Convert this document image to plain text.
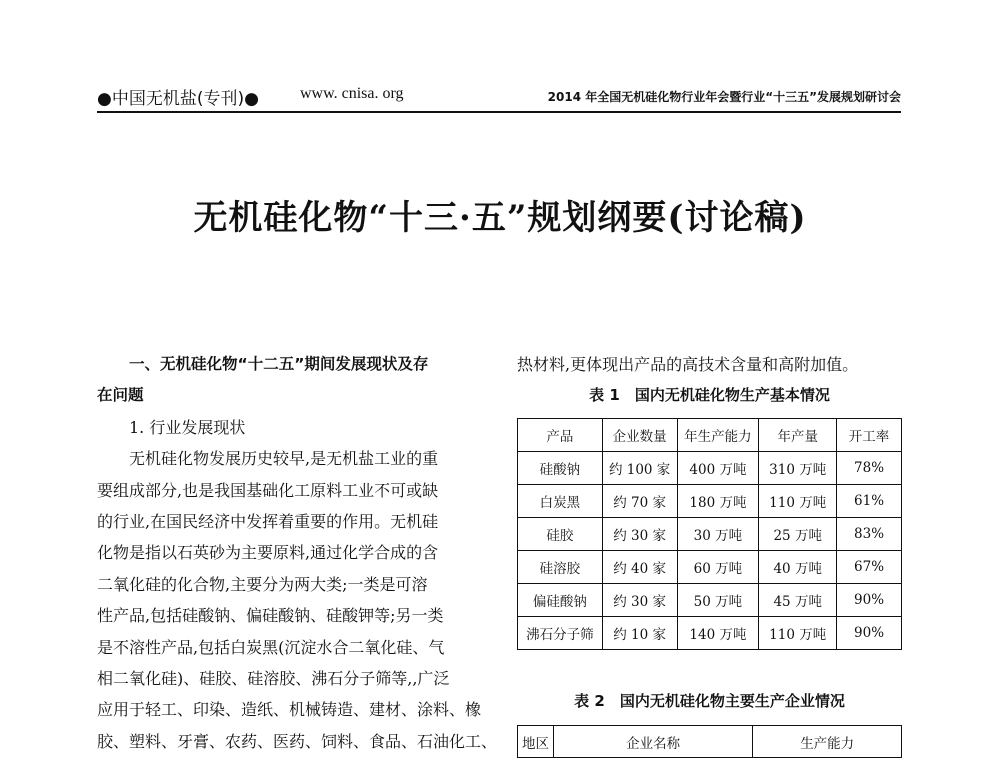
●中国无机盐(专刊)●	www. cnisa. org	2014 年全国无机硅化物行业年会暨行业“十三五”发展规划研讨会
无机硅化物“十三·五”规划纲要(讨论稿)

一、无机硅化物“十二五”期间发展现状及存

在问题

1. 行业发展现状

无机硅化物发展历史较早,是无机盐工业的重

要组成部分,也是我国基础化工原料工业不可或缺

的行业,在国民经济中发挥着重要的作用。无机硅

化物是指以石英砂为主要原料,通过化学合成的含

二氧化硅的化合物,主要分为两大类;一类是可溶

性产品,包括硅酸钠、偏硅酸钠、硅酸钾等;另一类

是不溶性产品,包括白炭黑(沉淀水合二氧化硅、气

相二氧化硅)、硅胶、硅溶胶、沸石分子筛等,,广泛

应用于轻工、印染、造纸、机械铸造、建材、涂料、橡

胶、塑料、牙膏、农药、医药、饲料、食品、石油化工、

热材料,更体现出产品的高技术含量和高附加值。

表 1　国内无机硅化物生产基本情况

产品	企业数量	年生产能力	年产量	开工率
硅酸钠	约 100 家	400 万吨	310 万吨	78%
白炭黑	约 70 家	180 万吨	110 万吨	61%
硅胶	约 30 家	30 万吨	25 万吨	83%
硅溶胶	约 40 家	60 万吨	40 万吨	67%
偏硅酸钠	约 30 家	50 万吨	45 万吨	90%
沸石分子筛	约 10 家	140 万吨	110 万吨	90%
表 2　国内无机硅化物主要生产企业情况
地区	企业名称	生产能力
